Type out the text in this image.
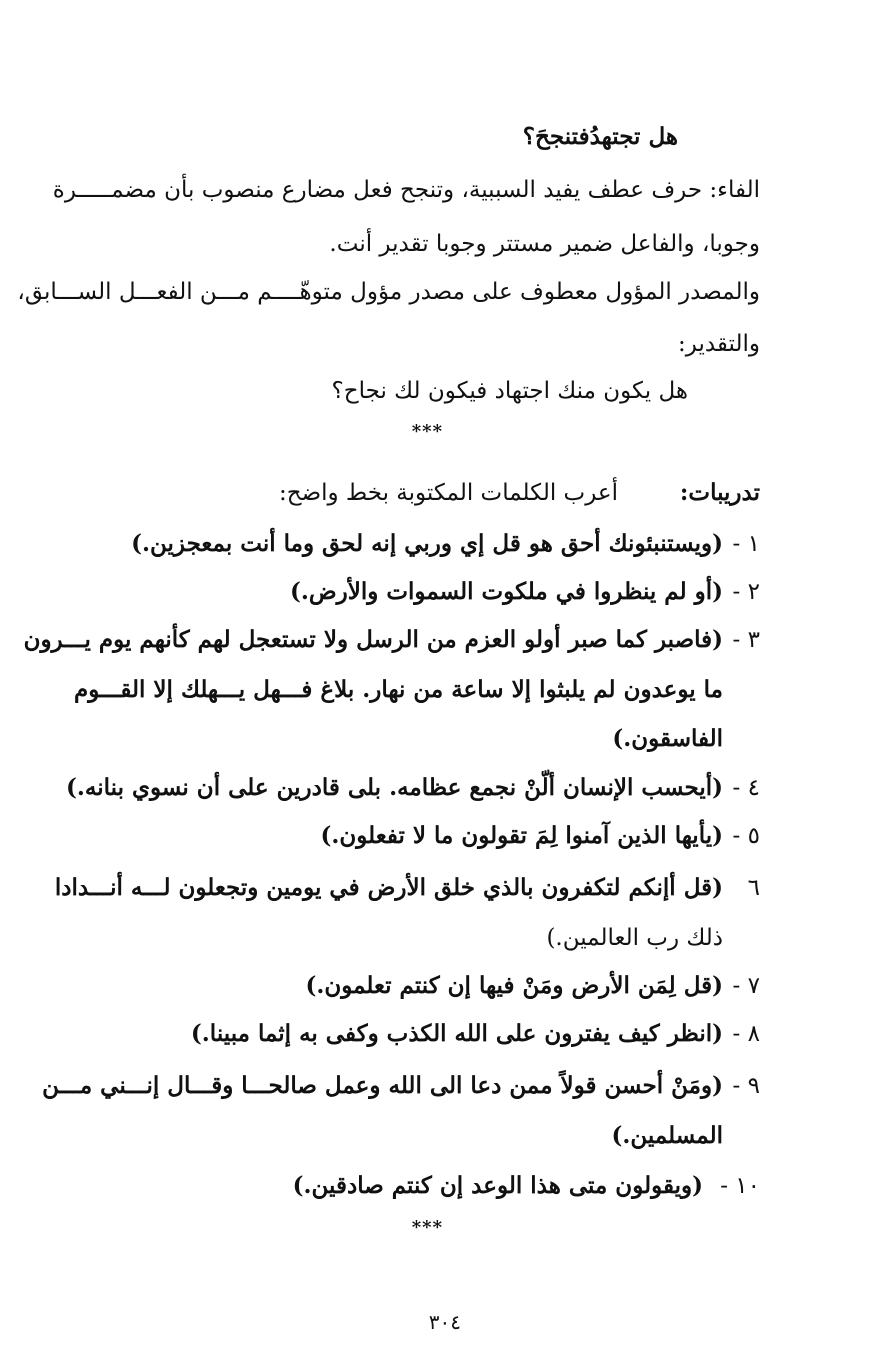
هل تجتهدُفتنجحَ؟
الفاء: حرف عطف يفيد السببية، وتنجح فعل مضارع منصوب بأن مضمـــــرة
وجوبا، والفاعل ضمير مستتر وجوبا تقدير أنت.
والمصدر المؤول معطوف على مصدر مؤول متوهّــــم مـــن الفعـــل الســـابق،
والتقدير:
هل يكون منك اجتهاد فيكون لك نجاح؟
***
تدريبات:
أعرب الكلمات المكتوبة بخط واضح:
١ -
(ويستنبئونك أحق هو قل إي وربي إنه لحق وما أنت بمعجزين.)
٢ -
(أو لم ينظروا في ملكوت السموات والأرض.)
٣ -
(فاصبر كما صبر أولو العزم من الرسل ولا تستعجل لهم كأنهم يوم يـــرون
ما يوعدون لم يلبثوا إلا ساعة من نهار. بلاغ فـــهل يـــهلك إلا القـــوم
الفاسقون.)
٤ -
(أيحسب الإنسان ألّنْ نجمع عظامه. بلى قادرين على أن نسوي بنانه.)
٥ -
(يأيها الذين آمنوا لِمَ تقولون ما لا تفعلون.)
٦
(قل أإنكم لتكفرون بالذي خلق الأرض في يومين وتجعلون لـــه أنـــدادا
ذلك رب العالمين.)
٧ -
(قل لِمَن الأرض ومَنْ فيها إن كنتم تعلمون.)
٨ -
(انظر كيف يفترون على الله الكذب وكفى به إثما مبينا.)
٩ -
(ومَنْ أحسن قولاً ممن دعا الى الله وعمل صالحـــا وقـــال إنـــني مـــن
المسلمين.)
١٠ -
(ويقولون متى هذا الوعد إن كنتم صادقين.)
***
٣٠٤
